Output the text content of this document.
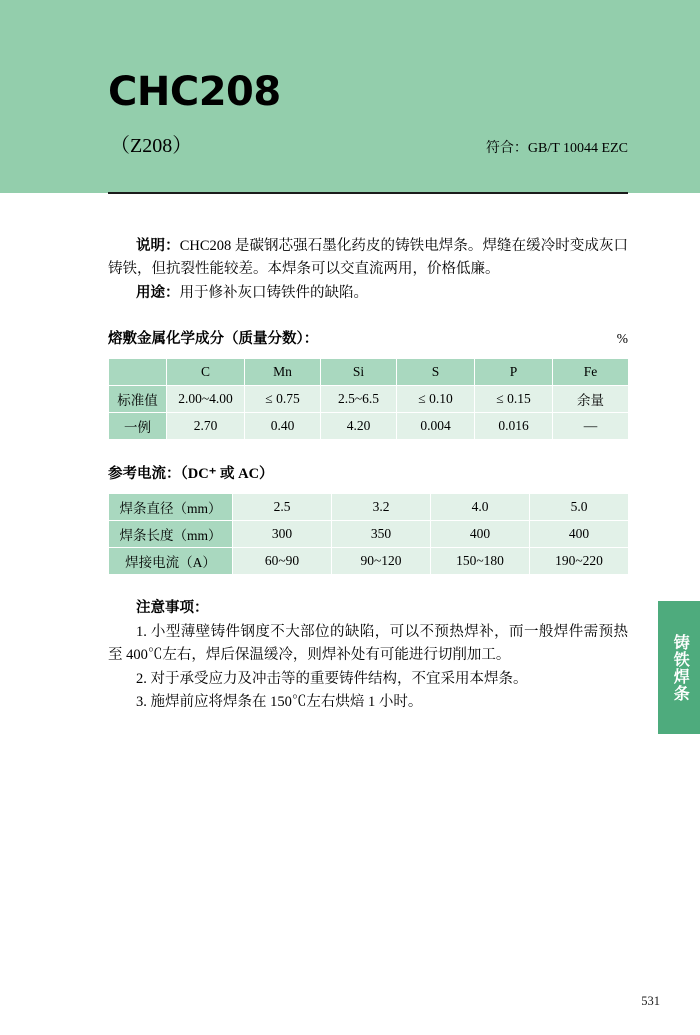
CHC208
（Z208）	符合：GB/T 10044 EZC

说明：CHC208 是碳钢芯强石墨化药皮的铸铁电焊条。焊缝在缓冷时变成灰口铸铁，但抗裂性能较差。本焊条可以交直流两用，价格低廉。

用途：用于修补灰口铸铁件的缺陷。

熔敷金属化学成分（质量分数）：	%
	C	Mn	Si	S	P	Fe
标准值	2.00~4.00	≤ 0.75	2.5~6.5	≤ 0.10	≤ 0.15	余量
一例	2.70	0.40	4.20	0.004	0.016	—
参考电流：（DC⁺ 或 AC）
焊条直径（mm）	2.5	3.2	4.0	5.0
焊条长度（mm）	300	350	400	400
焊接电流（A）	60~90	90~120	150~180	190~220
注意事项：
1. 小型薄壁铸件钢度不大部位的缺陷，可以不预热焊补，而一般焊件需预热至 400℃左右，焊后保温缓冷，则焊补处有可能进行切削加工。
2. 对于承受应力及冲击等的重要铸件结构，不宜采用本焊条。
3. 施焊前应将焊条在 150℃左右烘焙 1 小时。
铸铁焊条
531
